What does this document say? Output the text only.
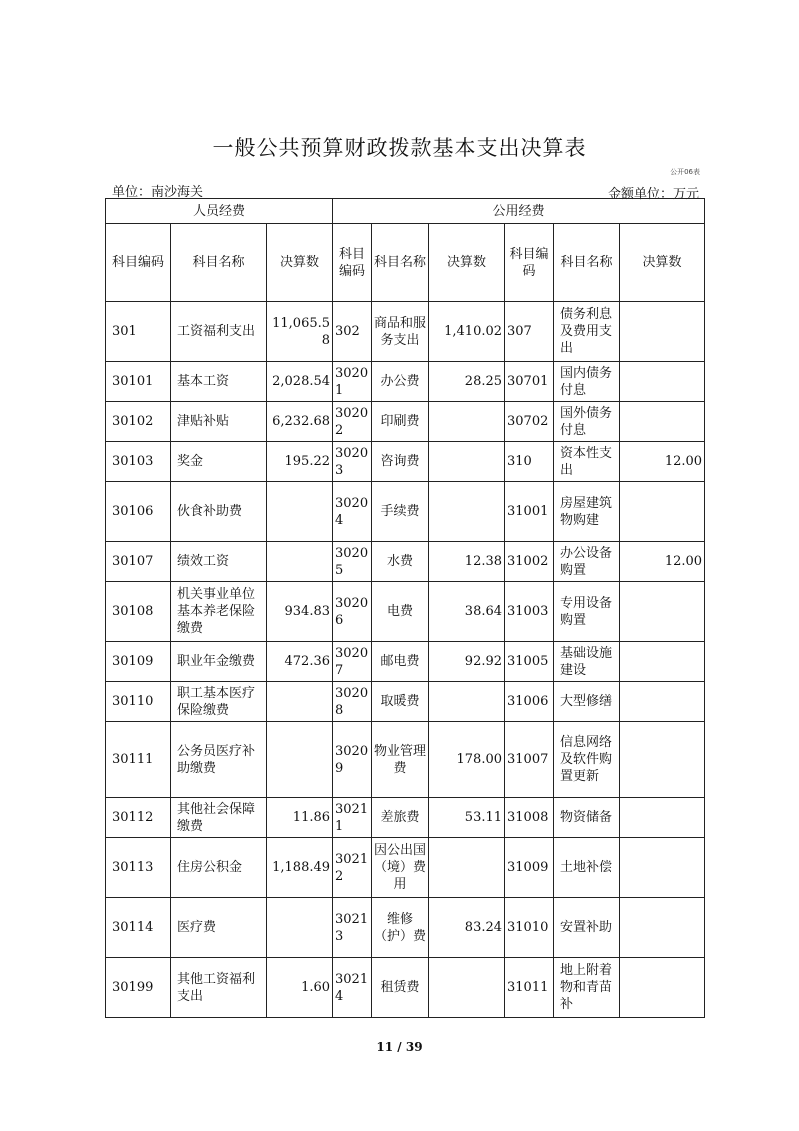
一般公共预算财政拨款基本支出决算表
公开06表
单位：南沙海关	金额单位：万元
人员经费			公用经费					
科目编码	科目名称	决算数	科目编码	科目名称	决算数	科目编码	科目名称	决算数
301	工资福利支出	11,065.58	302	商品和服务支出	1,410.02	307	债务利息及费用支出	
30101	基本工资	2,028.54	30201	办公费	28.25	30701	国内债务付息	
30102	津贴补贴	6,232.68	30202	印刷费		30702	国外债务付息	
30103	奖金	195.22	30203	咨询费		310	资本性支出	12.00
30106	伙食补助费		30204	手续费		31001	房屋建筑物购建	
30107	绩效工资		30205	水费	12.38	31002	办公设备购置	12.00
30108	机关事业单位基本养老保险缴费	934.83	30206	电费	38.64	31003	专用设备购置	
30109	职业年金缴费	472.36	30207	邮电费	92.92	31005	基础设施建设	
30110	职工基本医疗保险缴费		30208	取暖费		31006	大型修缮	
30111	公务员医疗补助缴费		30209	物业管理费	178.00	31007	信息网络及软件购置更新	
30112	其他社会保障缴费	11.86	30211	差旅费	53.11	31008	物资储备	
30113	住房公积金	1,188.49	30212	因公出国（境）费用		31009	土地补偿	
30114	医疗费		30213	维修（护）费	83.24	31010	安置补助	
30199	其他工资福利支出	1.60	30214	租赁费		31011	地上附着物和青苗补	
11 / 39
